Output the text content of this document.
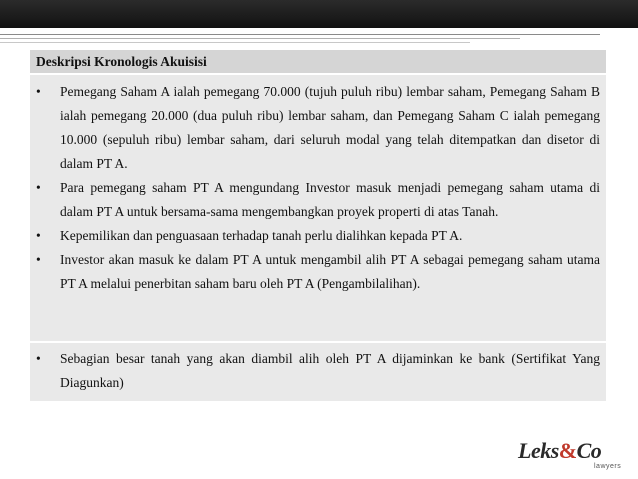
Deskripsi Kronologis Akuisisi
• Pemegang Saham A ialah pemegang 70.000 (tujuh puluh ribu) lembar saham, Pemegang Saham B ialah pemegang 20.000 (dua puluh ribu) lembar saham, dan Pemegang Saham C ialah pemegang 10.000 (sepuluh ribu) lembar saham, dari seluruh modal yang telah ditempatkan dan disetor di dalam PT A.
• Para pemegang saham PT A mengundang Investor masuk menjadi pemegang saham utama di dalam PT A untuk bersama-sama mengembangkan proyek properti di atas Tanah.
• Kepemilikan dan penguasaan terhadap tanah perlu dialihkan kepada PT A.
• Investor akan masuk ke dalam PT A untuk mengambil alih PT A sebagai pemegang saham utama PT A melalui penerbitan saham baru oleh PT A (Pengambilalihan).
• Sebagian besar tanah yang akan diambil alih oleh PT A dijaminkan ke bank (Sertifikat Yang Diagunkan)
Leks&Co
lawyers
